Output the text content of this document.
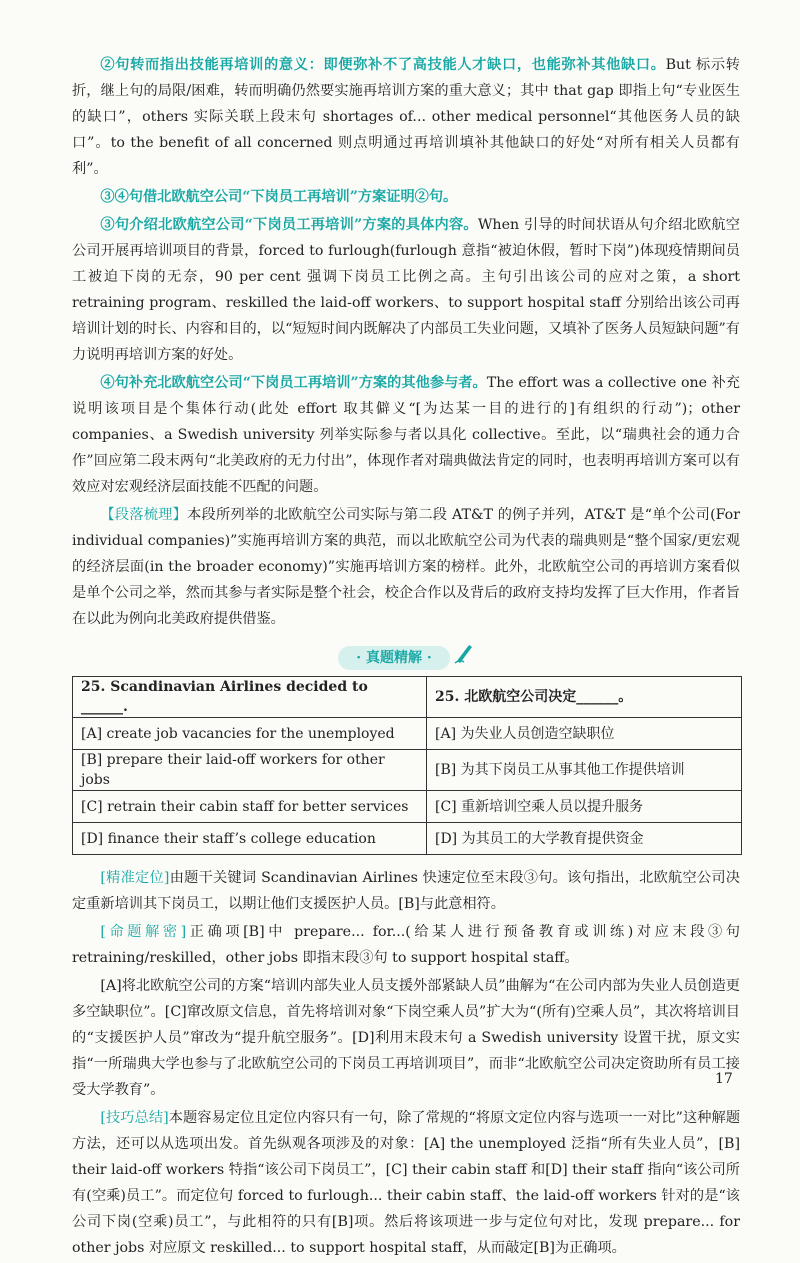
②句转而指出技能再培训的意义：即便弥补不了高技能人才缺口，也能弥补其他缺口。But 标示转折，继上句的局限/困难，转而明确仍然要实施再培训方案的重大意义；其中 that gap 即指上句“专业医生的缺口”，others 实际关联上段末句 shortages of... other medical personnel“其他医务人员的缺口”。to the benefit of all concerned 则点明通过再培训填补其他缺口的好处“对所有相关人员都有利”。

③④句借北欧航空公司“下岗员工再培训”方案证明②句。

③句介绍北欧航空公司“下岗员工再培训”方案的具体内容。When 引导的时间状语从句介绍北欧航空公司开展再培训项目的背景，forced to furlough(furlough 意指“被迫休假，暂时下岗”)体现疫情期间员工被迫下岗的无奈，90 per cent 强调下岗员工比例之高。主句引出该公司的应对之策，a short retraining program、reskilled the laid-off workers、to support hospital staff 分别给出该公司再培训计划的时长、内容和目的，以“短短时间内既解决了内部员工失业问题，又填补了医务人员短缺问题”有力说明再培训方案的好处。

④句补充北欧航空公司“下岗员工再培训”方案的其他参与者。The effort was a collective one 补充说明该项目是个集体行动(此处 effort 取其僻义“[为达某一目的进行的]有组织的行动”)；other companies、a Swedish university 列举实际参与者以具化 collective。至此，以“瑞典社会的通力合作”回应第二段末两句“北美政府的无力付出”，体现作者对瑞典做法肯定的同时，也表明再培训方案可以有效应对宏观经济层面技能不匹配的问题。

【段落梳理】本段所列举的北欧航空公司实际与第二段 AT&T 的例子并列，AT&T 是“单个公司(For individual companies)”实施再培训方案的典范，而以北欧航空公司为代表的瑞典则是“整个国家/更宏观的经济层面(in the broader economy)”实施再培训方案的榜样。此外，北欧航空公司的再培训方案看似是单个公司之举，然而其参与者实际是整个社会，校企合作以及背后的政府支持均发挥了巨大作用，作者旨在以此为例向北美政府提供借鉴。

· 真题精解 ·
25. Scandinavian Airlines decided to ______.	25. 北欧航空公司决定______。
[A] create job vacancies for the unemployed	[A] 为失业人员创造空缺职位
[B] prepare their laid-off workers for other jobs	[B] 为其下岗员工从事其他工作提供培训
[C] retrain their cabin staff for better services	[C] 重新培训空乘人员以提升服务
[D] finance their staff’s college education	[D] 为其员工的大学教育提供资金

[精准定位]由题干关键词 Scandinavian Airlines 快速定位至末段③句。该句指出，北欧航空公司决定重新培训其下岗员工，以期让他们支援医护人员。[B]与此意相符。

[命题解密]正确项[B]中 prepare... for...(给某人进行预备教育或训练)对应末段③句 retraining/reskilled，other jobs 即指末段③句 to support hospital staff。

[A]将北欧航空公司的方案“培训内部失业人员支援外部紧缺人员”曲解为“在公司内部为失业人员创造更多空缺职位”。[C]窜改原文信息，首先将培训对象“下岗空乘人员”扩大为“(所有)空乘人员”，其次将培训目的“支援医护人员”窜改为“提升航空服务”。[D]利用末段末句 a Swedish university 设置干扰，原文实指“一所瑞典大学也参与了北欧航空公司的下岗员工再培训项目”，而非“北欧航空公司决定资助所有员工接受大学教育”。

[技巧总结]本题容易定位且定位内容只有一句，除了常规的“将原文定位内容与选项一一对比”这种解题方法，还可以从选项出发。首先纵观各项涉及的对象：[A] the unemployed 泛指“所有失业人员”，[B] their laid-off workers 特指“该公司下岗员工”，[C] their cabin staff 和[D] their staff 指向“该公司所有(空乘)员工”。而定位句 forced to furlough... their cabin staff、the laid-off workers 针对的是“该公司下岗(空乘)员工”，与此相符的只有[B]项。然后将该项进一步与定位句对比，发现 prepare... for other jobs 对应原文 reskilled... to support hospital staff，从而敲定[B]为正确项。

17
